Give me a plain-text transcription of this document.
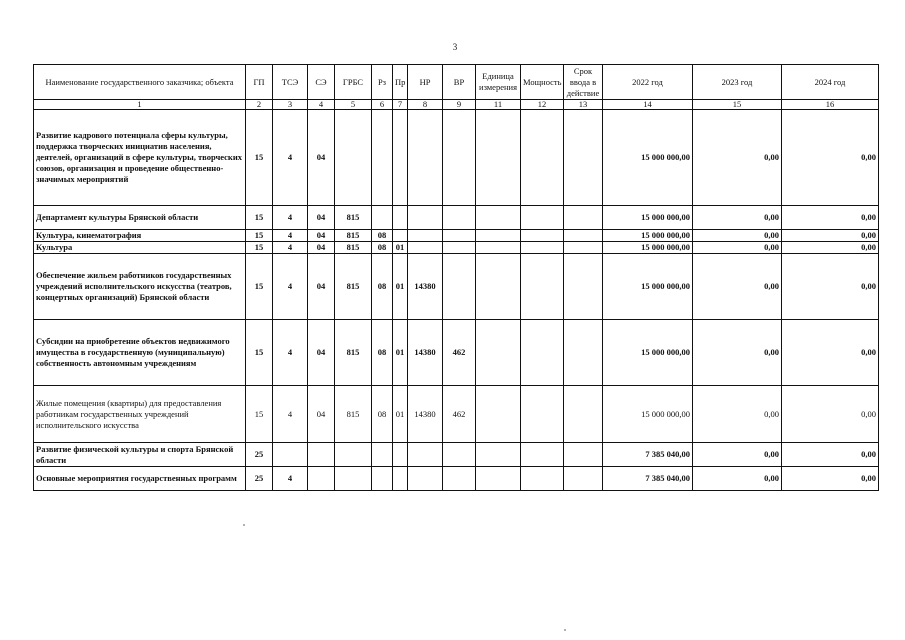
3
Наименование государственного заказчика; объекта	ГП	ТСЭ	СЭ	ГРБС	Рз	Пр	НР	ВР	Единица измерения	Мощность	Срок ввода в действие	2022 год	2023 год	2024 год
1	2	3	4	5	6	7	8	9	11	12	13	14	15	16
Развитие кадрового потенциала сферы культуры, поддержка творческих инициатив населения, деятелей, организаций в сфере культуры, творческих союзов, организация и проведение общественно-значимых мероприятий	15	4	04									15 000 000,00	0,00	0,00
Департамент культуры Брянской области	15	4	04	815								15 000 000,00	0,00	0,00
Культура, кинематография	15	4	04	815	08							15 000 000,00	0,00	0,00
Культура	15	4	04	815	08	01						15 000 000,00	0,00	0,00
Обеспечение жильем работников государственных учреждений исполнительского искусства (театров, концертных организаций) Брянской области	15	4	04	815	08	01	14380					15 000 000,00	0,00	0,00
Субсидии на приобретение объектов недвижимого имущества в государственную (муниципальную) собственность автономным учреждениям	15	4	04	815	08	01	14380	462				15 000 000,00	0,00	0,00
Жилые помещения (квартиры) для предоставления работникам государственных учреждений исполнительского искусства	15	4	04	815	08	01	14380	462				15 000 000,00	0,00	0,00
Развитие физической культуры и спорта Брянской области	25											7 385 040,00	0,00	0,00
Основные мероприятия государственных программ	25	4										7 385 040,00	0,00	0,00
